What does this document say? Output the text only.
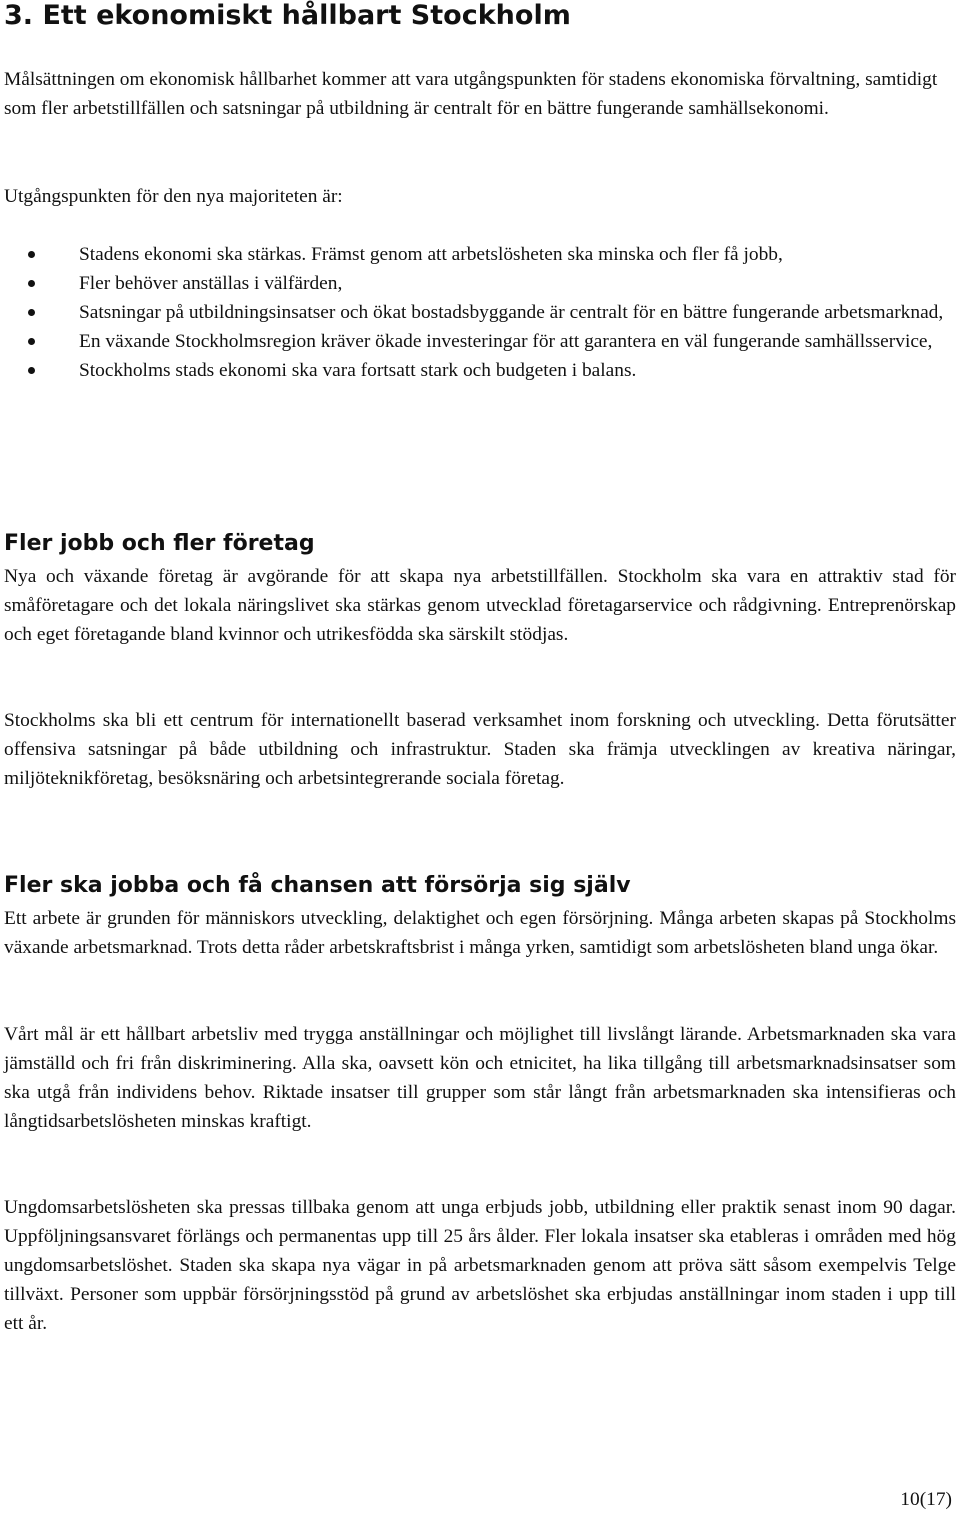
3. Ett ekonomiskt hållbart Stockholm

Målsättningen om ekonomisk hållbarhet kommer att vara utgångspunkten för stadens ekonomiska förvaltning, samtidigt som fler arbetstillfällen och satsningar på utbildning är centralt för en bättre fungerande samhällsekonomi.

Utgångspunkten för den nya majoriteten är:

Stadens ekonomi ska stärkas. Främst genom att arbetslösheten ska minska och fler få jobb,
Fler behöver anställas i välfärden,
Satsningar på utbildningsinsatser och ökat bostadsbyggande är centralt för en bättre fungerande arbetsmarknad,
En växande Stockholmsregion kräver ökade investeringar för att garantera en väl fungerande samhällsservice,
Stockholms stads ekonomi ska vara fortsatt stark och budgeten i balans.
Fler jobb och fler företag

Nya och växande företag är avgörande för att skapa nya arbetstillfällen. Stockholm ska vara en attraktiv stad för småföretagare och det lokala näringslivet ska stärkas genom utvecklad företagarservice och rådgivning. Entreprenörskap och eget företagande bland kvinnor och utrikesfödda ska särskilt stödjas.

Stockholms ska bli ett centrum för internationellt baserad verksamhet inom forskning och utveckling. Detta förutsätter offensiva satsningar på både utbildning och infrastruktur. Staden ska främja utvecklingen av kreativa näringar, miljöteknikföretag, besöksnäring och arbetsintegrerande sociala företag.

Fler ska jobba och få chansen att försörja sig själv

Ett arbete är grunden för människors utveckling, delaktighet och egen försörjning. Många arbeten skapas på Stockholms växande arbetsmarknad. Trots detta råder arbetskraftsbrist i många yrken, samtidigt som arbetslösheten bland unga ökar.

Vårt mål är ett hållbart arbetsliv med trygga anställningar och möjlighet till livslångt lärande. Arbetsmarknaden ska vara jämställd och fri från diskriminering. Alla ska, oavsett kön och etnicitet, ha lika tillgång till arbetsmarknadsinsatser som ska utgå från individens behov. Riktade insatser till grupper som står långt från arbetsmarknaden ska intensifieras och långtidsarbetslösheten minskas kraftigt.

Ungdomsarbetslösheten ska pressas tillbaka genom att unga erbjuds jobb, utbildning eller praktik senast inom 90 dagar. Uppföljningsansvaret förlängs och permanentas upp till 25 års ålder. Fler lokala insatser ska etableras i områden med hög ungdomsarbetslöshet. Staden ska skapa nya vägar in på arbetsmarknaden genom att pröva sätt såsom exempelvis Telge tillväxt. Personer som uppbär försörjningsstöd på grund av arbetslöshet ska erbjudas anställningar inom staden i upp till ett år.

10(17)
